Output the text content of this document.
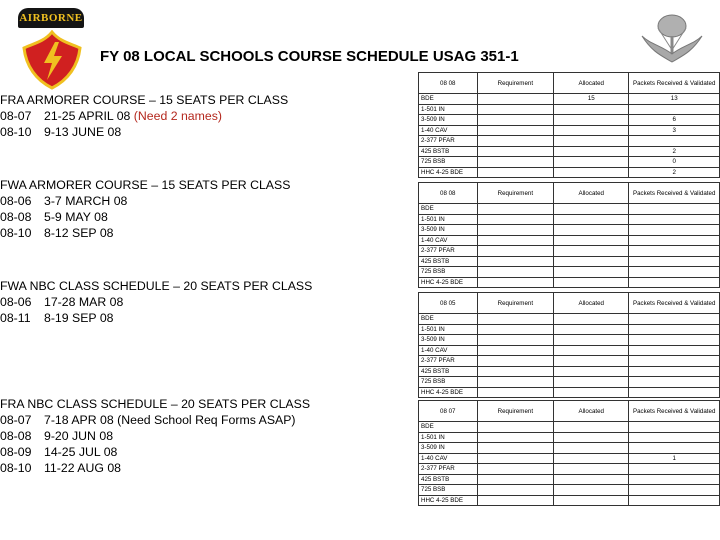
AIRBORNE
FY 08 LOCAL SCHOOLS COURSE SCHEDULE USAG 351-1
FRA ARMORER COURSE – 15 SEATS PER CLASS
08-07 21-25 APRIL 08 (Need 2 names)
08-10 9-13 JUNE 08
FWA ARMORER COURSE – 15 SEATS PER CLASS
08-06 3-7 MARCH 08
08-08 5-9 MAY 08
08-10 8-12 SEP 08
FWA NBC CLASS SCHEDULE – 20 SEATS PER CLASS
08-06 17-28 MAR 08
08-11 8-19 SEP 08
FRA NBC CLASS SCHEDULE – 20 SEATS PER CLASS
08-07 7-18 APR 08 (Need School Req Forms ASAP)
08-08 9-20 JUN 08
08-09 14-25 JUL 08
08-10 11-22 AUG 08
08 08	Requirement	Allocated	Packets Received & Validated
BDE		15	13
1-501 IN			
3-509 IN			6
1-40 CAV			3
2-377 PFAR			
425 BSTB			2
725 BSB			0
HHC 4-25 BDE			2
08 08	Requirement	Allocated	Packets Received & Validated
BDE			
1-501 IN			
3-509 IN			
1-40 CAV			
2-377 PFAR			
425 BSTB			
725 BSB			
HHC 4-25 BDE			
08 05	Requirement	Allocated	Packets Received & Validated
BDE			
1-501 IN			
3-509 IN			
1-40 CAV			
2-377 PFAR			
425 BSTB			
725 BSB			
HHC 4-25 BDE			
08 07	Requirement	Allocated	Packets Received & Validated
BDE			
1-501 IN			
3-509 IN			
1-40 CAV			1
2-377 PFAR			
425 BSTB			
725 BSB			
HHC 4-25 BDE			
